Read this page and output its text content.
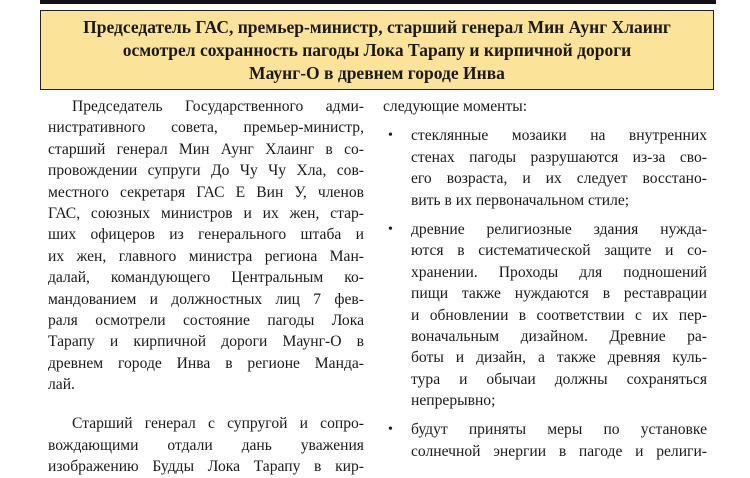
Председатель ГАС, премьер-министр, старший генерал Мин Аунг Хлаинг
осмотрел сохранность пагоды Лока Тарапу и кирпичной дороги
Маунг-О в древнем городе Инва
Председатель Государственного адми-
нистративного совета, премьер-министр,
старший генерал Мин Аунг Хлаинг в со-
провождении супруги До Чу Чу Хла, сов-
местного секретаря ГАС Е Вин У, членов
ГАС, союзных министров и их жен, стар-
ших офицеров из генерального штаба и
их жен, главного министра региона Ман-
далай, командующего Центральным ко-
мандованием и должностных лиц 7 фев-
раля осмотрели состояние пагоды Лока
Тарапу и кирпичной дороги Маунг-О в
древнем городе Инва в регионе Манда-
лай.
Старший генерал с супругой и сопро-
вождающими отдали дань уважения
изображению Будды Лока Тарапу в кир-
следующие моменты:
• стеклянные мозаики на внутренних
стенах пагоды разрушаются из-за сво-
его возраста, и их следует восстано-
вить в их первоначальном стиле;
• древние религиозные здания нужда-
ются в систематической защите и со-
хранении. Проходы для подношений
пищи также нуждаются в реставрации
и обновлении в соответствии с их пер-
воначальным дизайном. Древние ра-
боты и дизайн, а также древняя куль-
тура и обычаи должны сохраняться
непрерывно;
• будут приняты меры по установке
солнечной энергии в пагоде и религи-
